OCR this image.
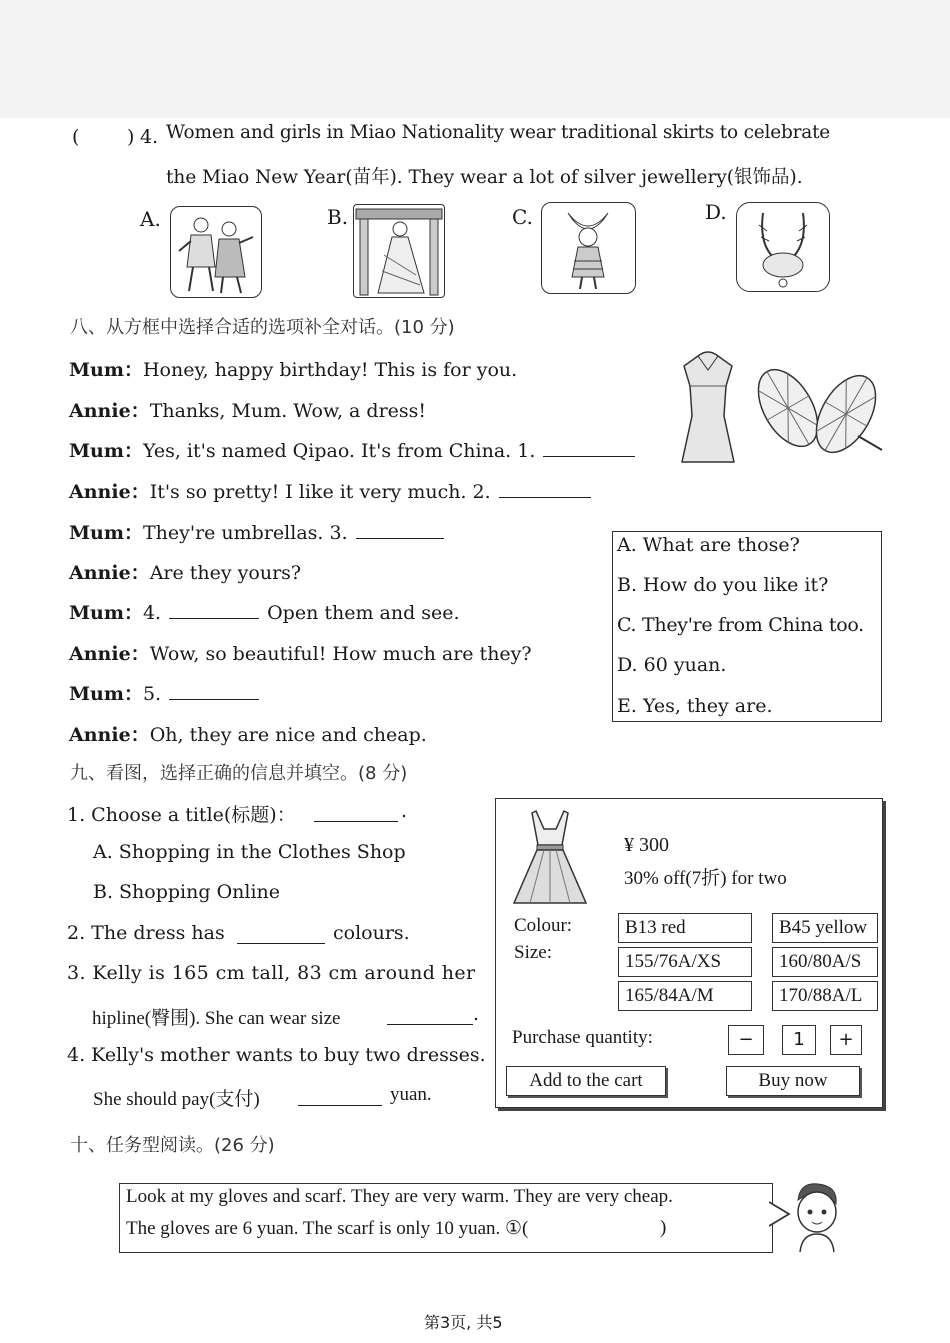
(	) 4. Women and girls in Miao Nationality wear traditional skirts to celebrate
the Miao New Year(苗年). They wear a lot of silver jewellery(银饰品).
A.	B.	C.	D.
八、从方框中选择合适的选项补全对话。(10 分)
Mum：Honey, happy birthday! This is for you.
Annie：Thanks, Mum. Wow, a dress!
Mum：Yes, it's named Qipao. It's from China. 1.
Annie：It's so pretty! I like it very much. 2.
Mum：They're umbrellas. 3.
Annie：Are they yours?
Mum：4.	Open them and see.
Annie：Wow, so beautiful! How much are they?
Mum：5.
Annie：Oh, they are nice and cheap.
A. What are those?
B. How do you like it?
C. They're from China too.
D. 60 yuan.
E. Yes, they are.
九、看图，选择正确的信息并填空。(8 分)
1. Choose a title(标题)：	.
A. Shopping in the Clothes Shop
B. Shopping Online
2. The dress has	colours.
3. Kelly is 165 cm tall, 83 cm around her
hipline(臀围). She can wear size	.
4. Kelly's mother wants to buy two dresses.
She should pay(支付)	yuan.
¥ 300
30% off(7折) for two
Colour:
Size:
B13 red	B45 yellow
155/76A/XS	160/80A/S
165/84A/M	170/88A/L
Purchase quantity:	−	1	+
Add to the cart	Buy now
十、任务型阅读。(26 分)
Look at my gloves and scarf. They are very warm. They are very cheap.
The gloves are 6 yuan. The scarf is only 10 yuan. ①(	)
第3页, 共5
